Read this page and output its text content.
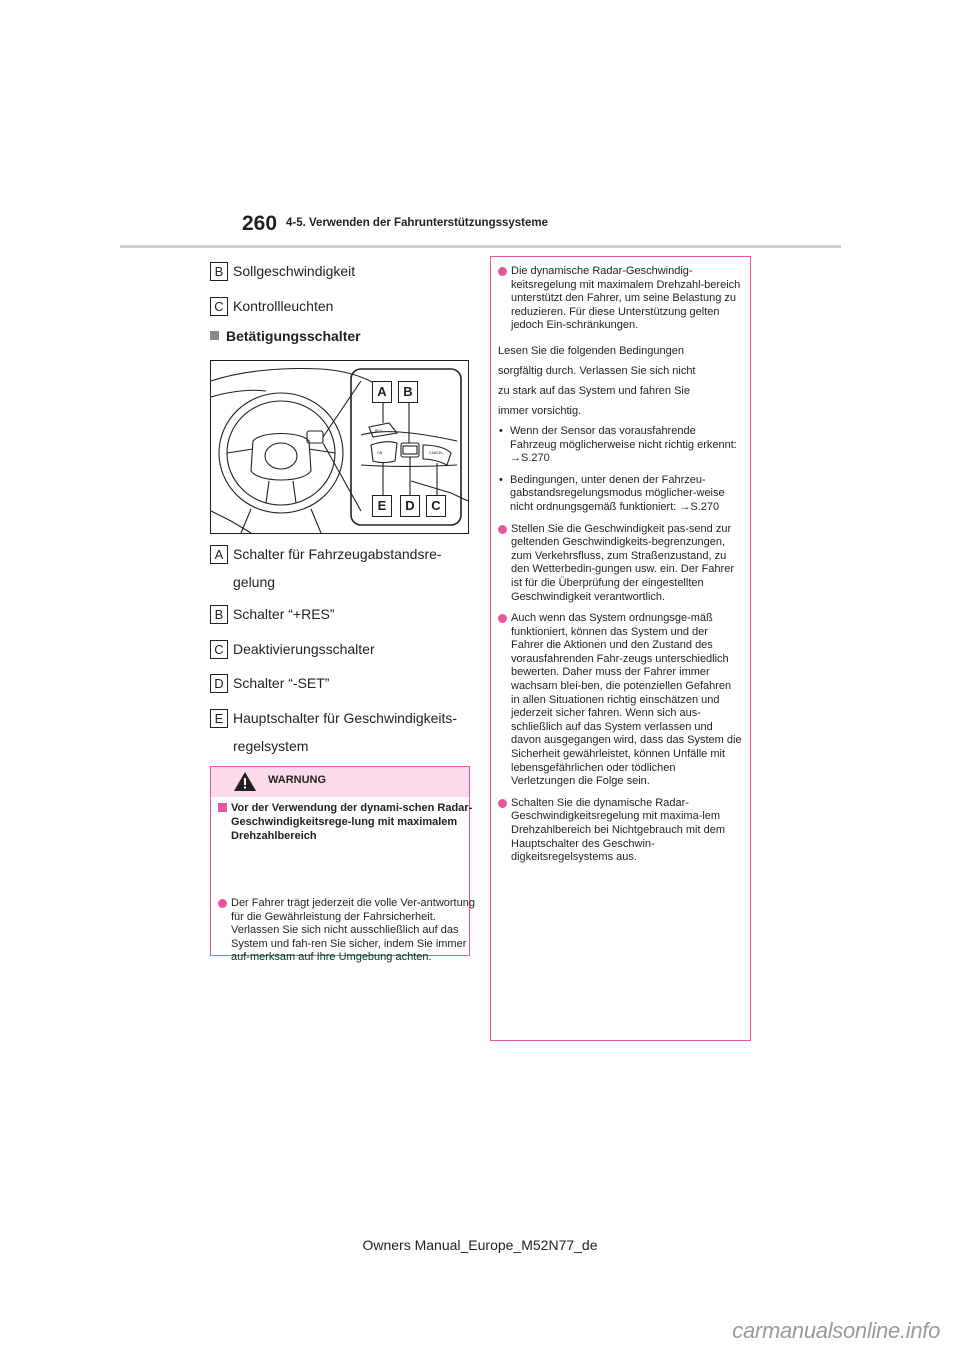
260 4-5. Verwenden der Fahrunterstützungssysteme
B Sollgeschwindigkeit
C Kontrollleuchten
Betätigungsschalter
RES
ON	CANCEL
A	B
E	D	C
A Schalter für Fahrzeugabstandsre-
gelung
B Schalter “+RES”
C Deaktivierungsschalter
D Schalter “-SET”
E Hauptschalter für Geschwindigkeits-
regelsystem
WARNUNG
Vor der Verwendung der dynami-schen Radar-Geschwindigkeitsrege-lung mit maximalem Drehzahlbereich
Der Fahrer trägt jederzeit die volle Ver-antwortung für die Gewährleistung der Fahrsicherheit. Verlassen Sie sich nicht ausschließlich auf das System und fah-ren Sie sicher, indem Sie immer auf-merksam auf Ihre Umgebung achten.
Die dynamische Radar-Geschwindig-keitsregelung mit maximalem Drehzahl-bereich unterstützt den Fahrer, um seine Belastung zu reduzieren. Für diese Unterstützung gelten jedoch Ein-schränkungen.
Lesen Sie die folgenden Bedingungen
sorgfältig durch. Verlassen Sie sich nicht
zu stark auf das System und fahren Sie
immer vorsichtig.
• Wenn der Sensor das vorausfahrende Fahrzeug möglicherweise nicht richtig erkennt: →S.270
• Bedingungen, unter denen der Fahrzeu-gabstandsregelungsmodus möglicher-weise nicht ordnungsgemäß funktioniert: →S.270
Stellen Sie die Geschwindigkeit pas-send zur geltenden Geschwindigkeits-begrenzungen, zum Verkehrsfluss, zum Straßenzustand, zu den Wetterbedin-gungen usw. ein. Der Fahrer ist für die Überprüfung der eingestellten Geschwindigkeit verantwortlich.
Auch wenn das System ordnungsge-mäß funktioniert, können das System und der Fahrer die Aktionen und den Zustand des vorausfahrenden Fahr-zeugs unterschiedlich bewerten. Daher muss der Fahrer immer wachsam blei-ben, die potenziellen Gefahren in allen Situationen richtig einschätzen und jederzeit sicher fahren. Wenn sich aus-schließlich auf das System verlassen und davon ausgegangen wird, dass das System die Sicherheit gewährleistet, können Unfälle mit lebensgefährlichen oder tödlichen Verletzungen die Folge sein.
Schalten Sie die dynamische Radar-Geschwindigkeitsregelung mit maxima-lem Drehzahlbereich bei Nichtgebrauch mit dem Hauptschalter des Geschwin-digkeitsregelsystems aus.
Owners Manual_Europe_M52N77_de
carmanualsonline.info
